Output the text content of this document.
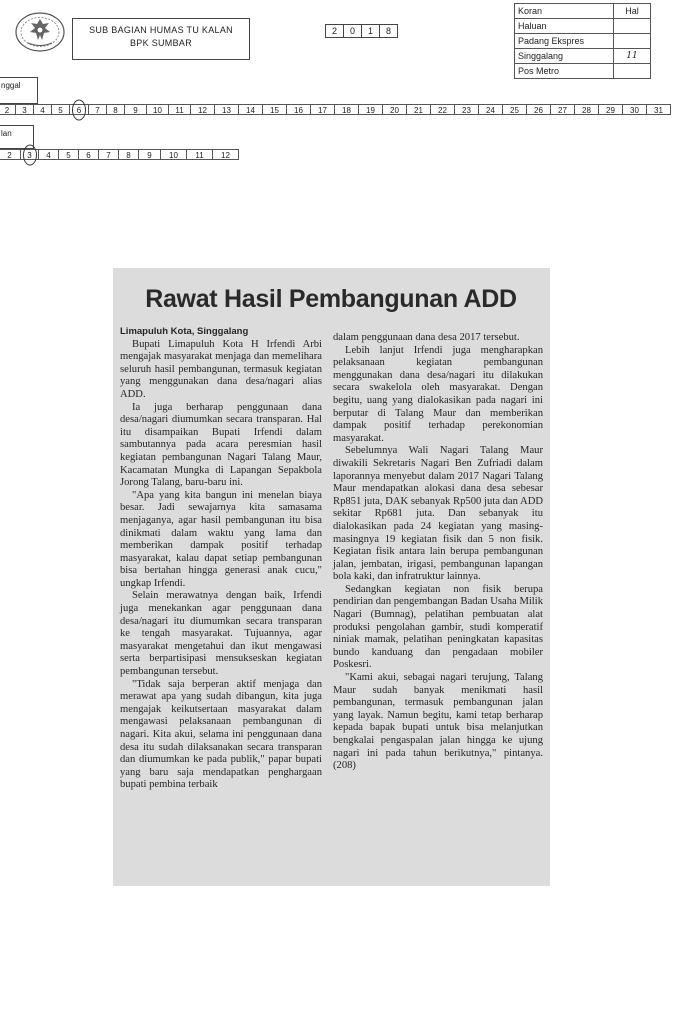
SUB BAGIAN HUMAS TU KALAN
BPK SUMBAR
2	0	1	8
Koran	Hal
Haluan	
Padang Ekspres	
Singgalang	11
Pos Metro	
nggal
2	3	4	5	6	7	8	9	10	11	12	13	14	15	16	17	18	19	20	21	22	23	24	25	26	27	28	29	30	31
lan
2	3	4	5	6	7	8	9	10	11	12
Rawat Hasil Pembangunan ADD
Limapuluh Kota, Singgalang

Bupati Limapuluh Kota H Irfendi Arbi mengajak masyarakat menjaga dan memelihara seluruh hasil pembangunan, termasuk kegiatan yang menggunakan dana desa/nagari alias ADD.

Ia juga berharap penggunaan dana desa/nagari diumumkan secara transparan. Hal itu disampaikan Bupati Irfendi dalam sambutannya pada acara peresmian hasil kegiatan pembangunan Nagari Talang Maur, Kacamatan Mungka di Lapangan Sepakbola Jorong Talang, baru-baru ini.

"Apa yang kita bangun ini menelan biaya besar. Jadi sewajarnya kita samasama menjaganya, agar hasil pembangunan itu bisa dinikmati dalam waktu yang lama dan memberikan dampak positif terhadap masyarakat, kalau dapat setiap pembangunan bisa bertahan hingga generasi anak cucu," ungkap Irfendi.

Selain merawatnya dengan baik, Irfendi juga menekankan agar penggunaan dana desa/nagari itu diumumkan secara transparan ke tengah masyarakat. Tujuannya, agar masyarakat mengetahui dan ikut mengawasi serta berpartisipasi mensukseskan kegiatan pembangunan tersebut.

"Tidak saja berperan aktif menjaga dan merawat apa yang sudah dibangun, kita juga mengajak keikutsertaan masyarakat dalam mengawasi pelaksanaan pembangunan di nagari. Kita akui, selama ini penggunaan dana desa itu sudah dilaksanakan secara transparan dan diumumkan ke pada publik," papar bupati yang baru saja mendapatkan penghargaan bupati pembina terbaik

dalam penggunaan dana desa 2017 tersebut.

Lebih lanjut Irfendi juga mengharapkan pelaksanaan kegiatan pembangunan menggunakan dana desa/nagari itu dilakukan secara swakelola oleh masyarakat. Dengan begitu, uang yang dialokasikan pada nagari ini berputar di Talang Maur dan memberikan dampak positif terhadap perekonomian masyarakat.

Sebelumnya Wali Nagari Talang Maur diwakili Sekretaris Nagari Ben Zufriadi dalam laporannya menyebut dalam 2017 Nagari Talang Maur mendapatkan alokasi dana desa sebesar Rp851 juta, DAK sebanyak Rp500 juta dan ADD sekitar Rp681 juta. Dan sebanyak itu dialokasikan pada 24 kegiatan yang masing-masingnya 19 kegiatan fisik dan 5 non fisik. Kegiatan fisik antara lain berupa pembangunan jalan, jembatan, irigasi, pembangunan lapangan bola kaki, dan infratruktur lainnya.

Sedangkan kegiatan non fisik berupa pendirian dan pengembangan Badan Usaha Milik Nagari (Bumnag), pelatihan pembuatan alat produksi pengolahan gambir, studi komperatif niniak mamak, pelatihan peningkatan kapasitas bundo kanduang dan pengadaan mobiler Poskesri.

"Kami akui, sebagai nagari terujung, Talang Maur sudah banyak menikmati hasil pembangunan, termasuk pembangunan jalan yang layak. Namun begitu, kami tetap berharap kepada bapak bupati untuk bisa melanjutkan bengkalai pengaspalan jalan hingga ke ujung nagari ini pada tahun berikutnya," pintanya. (208)
